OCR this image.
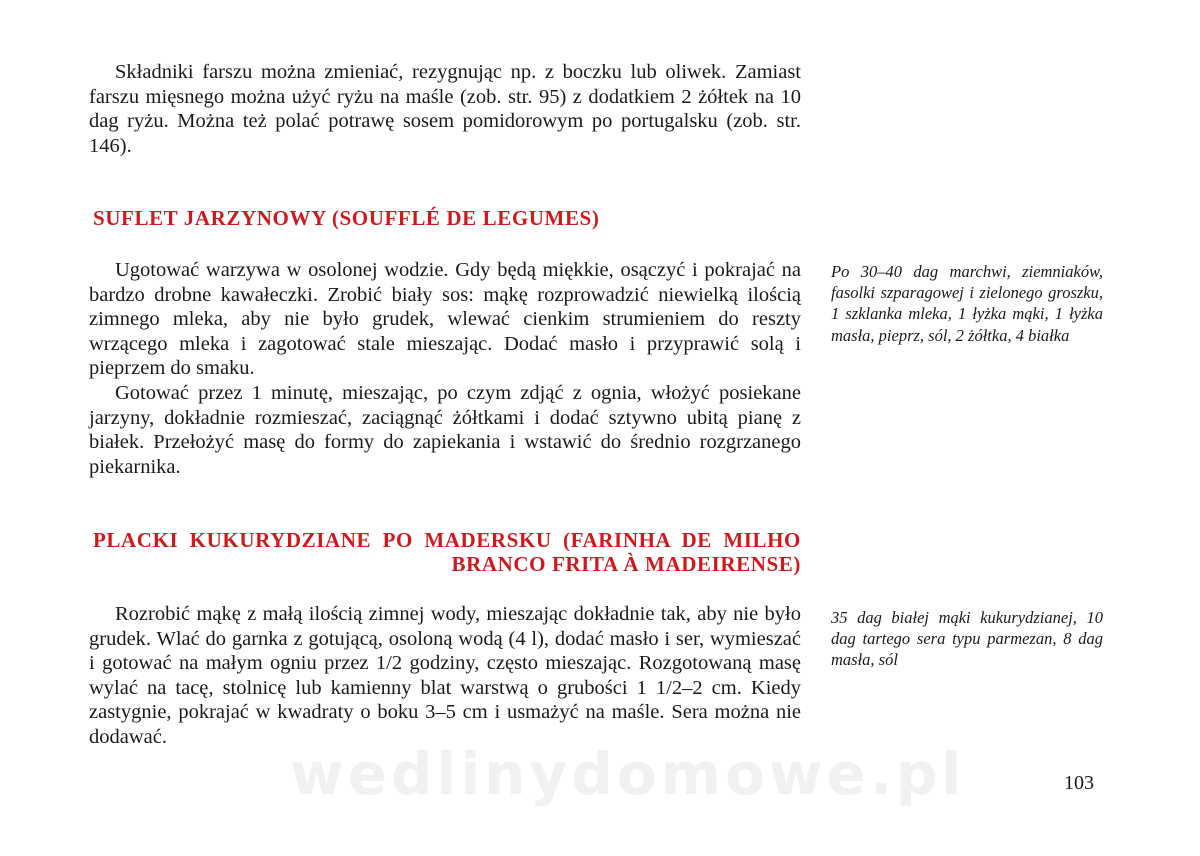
Składniki farszu można zmieniać, rezygnując np. z boczku lub oliwek. Zamiast farszu mięsnego można użyć ryżu na maśle (zob. str. 95) z dodatkiem 2 żółtek na 10 dag ryżu. Można też polać potrawę sosem pomidorowym po portugalsku (zob. str. 146).

SUFLET JARZYNOWY (SOUFFLÉ DE LEGUMES)

Ugotować warzywa w osolonej wodzie. Gdy będą miękkie, osączyć i pokrajać na bardzo drobne kawałeczki. Zrobić biały sos: mąkę rozprowadzić niewielką ilością zimnego mleka, aby nie było grudek, wlewać cienkim strumieniem do reszty wrzącego mleka i zagotować stale mieszając. Dodać masło i przyprawić solą i pieprzem do smaku.

Gotować przez 1 minutę, mieszając, po czym zdjąć z ognia, włożyć posiekane jarzyny, dokładnie rozmieszać, zaciągnąć żółtkami i dodać sztywno ubitą pianę z białek. Przełożyć masę do formy do zapiekania i wstawić do średnio rozgrzanego piekarnika.

Po 30–40 dag marchwi, ziemniaków, fasolki szparagowej i zielonego groszku, 1 szklanka mleka, 1 łyżka mąki, 1 łyżka masła, pieprz, sól, 2 żółtka, 4 białka
PLACKI KUKURYDZIANE PO MADERSKU (FARINHA DE MILHO BRANCO FRITA À MADEIRENSE)

Rozrobić mąkę z małą ilością zimnej wody, mieszając dokładnie tak, aby nie było grudek. Wlać do garnka z gotującą, osoloną wodą (4 l), dodać masło i ser, wymieszać i gotować na małym ogniu przez 1/2 godziny, często mieszając. Rozgotowaną masę wylać na tacę, stolnicę lub kamienny blat warstwą o grubości 1 1/2–2 cm. Kiedy zastygnie, pokrajać w kwadraty o boku 3–5 cm i usmażyć na maśle. Sera można nie dodawać.

35 dag białej mąki kukurydzianej, 10 dag tartego sera typu parmezan, 8 dag masła, sól
wedlinydomowe.pl	103
